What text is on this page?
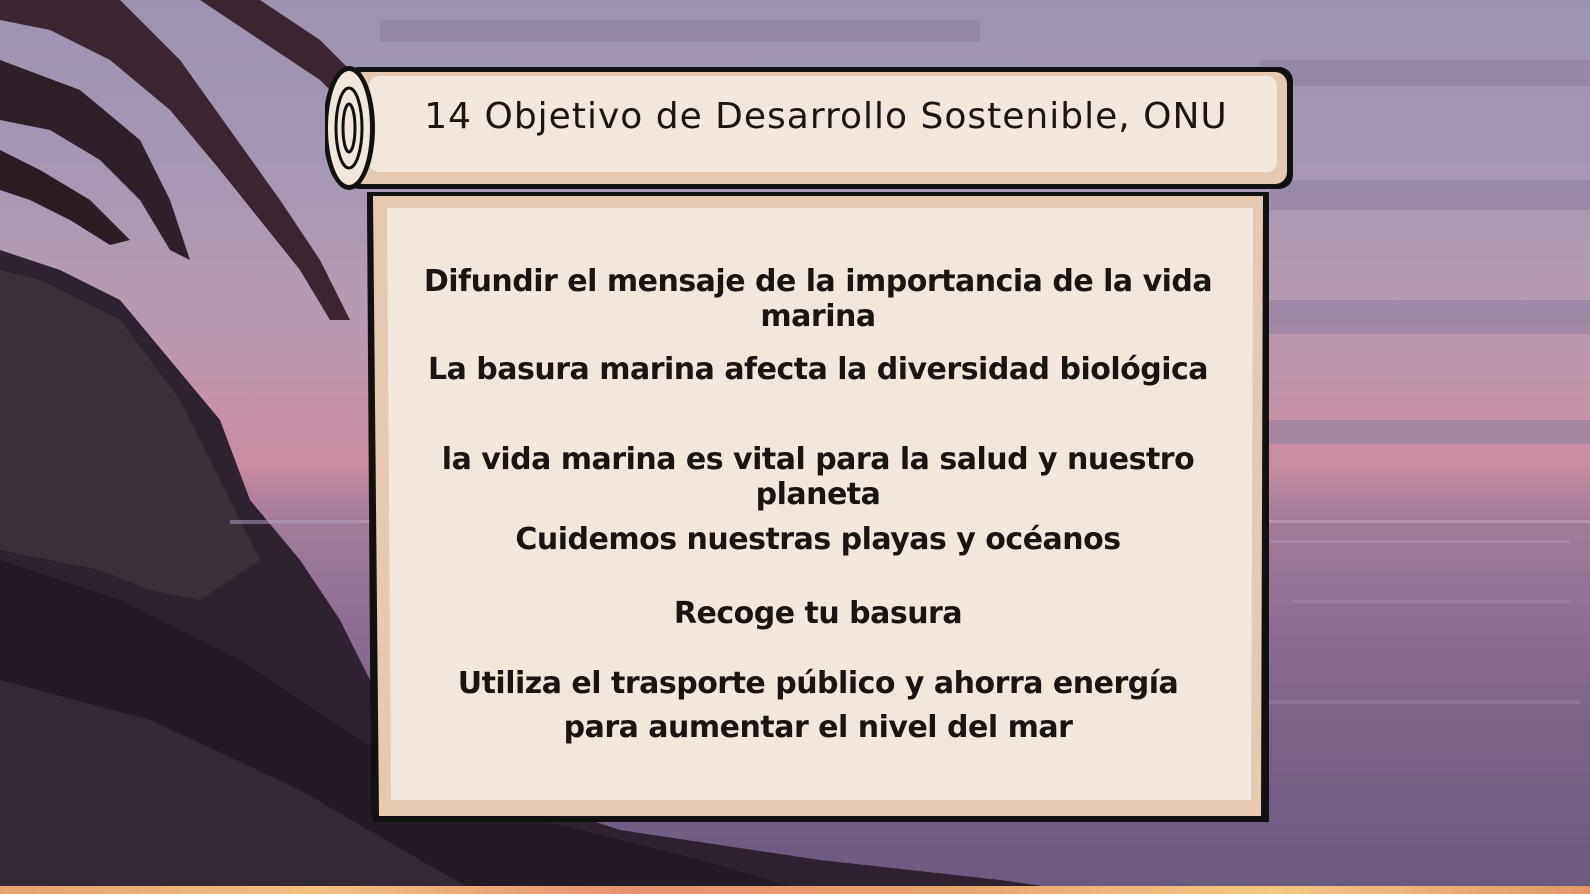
14 Objetivo de Desarrollo Sostenible, ONU
Difundir el mensaje de la importancia de la vida marina
La basura marina afecta la diversidad biológica
la vida marina es vital para la salud y nuestro planeta
Cuidemos nuestras playas y océanos
Recoge tu basura
Utiliza el trasporte público y ahorra energía
para aumentar el nivel del mar
